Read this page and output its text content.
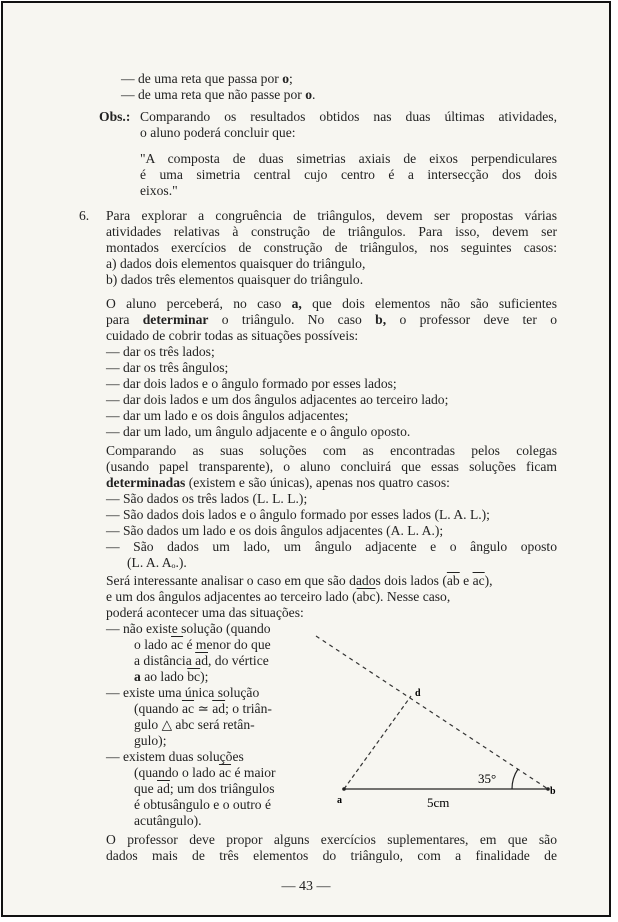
— de uma reta que passa por o;
— de uma reta que não passe por o.
Obs.: Comparando os resultados obtidos nas duas últimas atividades,
o aluno poderá concluir que:
"A composta de duas simetrias axiais de eixos perpendiculares
é uma simetria central cujo centro é a intersecção dos dois
eixos."
6. Para explorar a congruência de triângulos, devem ser propostas várias
atividades relativas à construção de triângulos. Para isso, devem ser
montados exercícios de construção de triângulos, nos seguintes casos:
a) dados dois elementos quaisquer do triângulo,
b) dados três elementos quaisquer do triângulo.
O aluno perceberá, no caso a, que dois elementos não são suficientes
para determinar o triângulo. No caso b, o professor deve ter o
cuidado de cobrir todas as situações possíveis:
— dar os três lados;
— dar os três ângulos;
— dar dois lados e o ângulo formado por esses lados;
— dar dois lados e um dos ângulos adjacentes ao terceiro lado;
— dar um lado e os dois ângulos adjacentes;
— dar um lado, um ângulo adjacente e o ângulo oposto.
Comparando as suas soluções com as encontradas pelos colegas
(usando papel transparente), o aluno concluirá que essas soluções ficam
determinadas (existem e são únicas), apenas nos quatro casos:
— São dados os três lados (L. L. L.);
— São dados dois lados e o ângulo formado por esses lados (L. A. L.);
— São dados um lado e os dois ângulos adjacentes (A. L. A.);
— São dados um lado, um ângulo adjacente e o ângulo oposto
(L. A. Aₒ.).
Será interessante analisar o caso em que são dados dois lados ($\overline{ab}$ e $\overline{ac}$),
e um dos ângulos adjacentes ao terceiro lado $(\overline{abc})$. Nesse caso,
poderá acontecer uma das situações:
— não existe solução (quando
o lado $\overline{ac}$ é menor do que
a distância $\overline{ad}$, do vértice
a ao lado $\overline{bc}$);
— existe uma única solução
(quando $\overline{ac}$ ≃ $\overline{ad}$; o triân-
gulo △ abc será retân-
gulo);
— existem duas soluções
(quando o lado $\overline{ac}$ é maior
que $\overline{ad}$; um dos triângulos
é obtusângulo e o outro é
acutângulo).
O professor deve propor alguns exercícios suplementares, em que são
dados mais de três elementos do triângulo, com a finalidade de
a
b
d
35°
5cm
— 43 —
